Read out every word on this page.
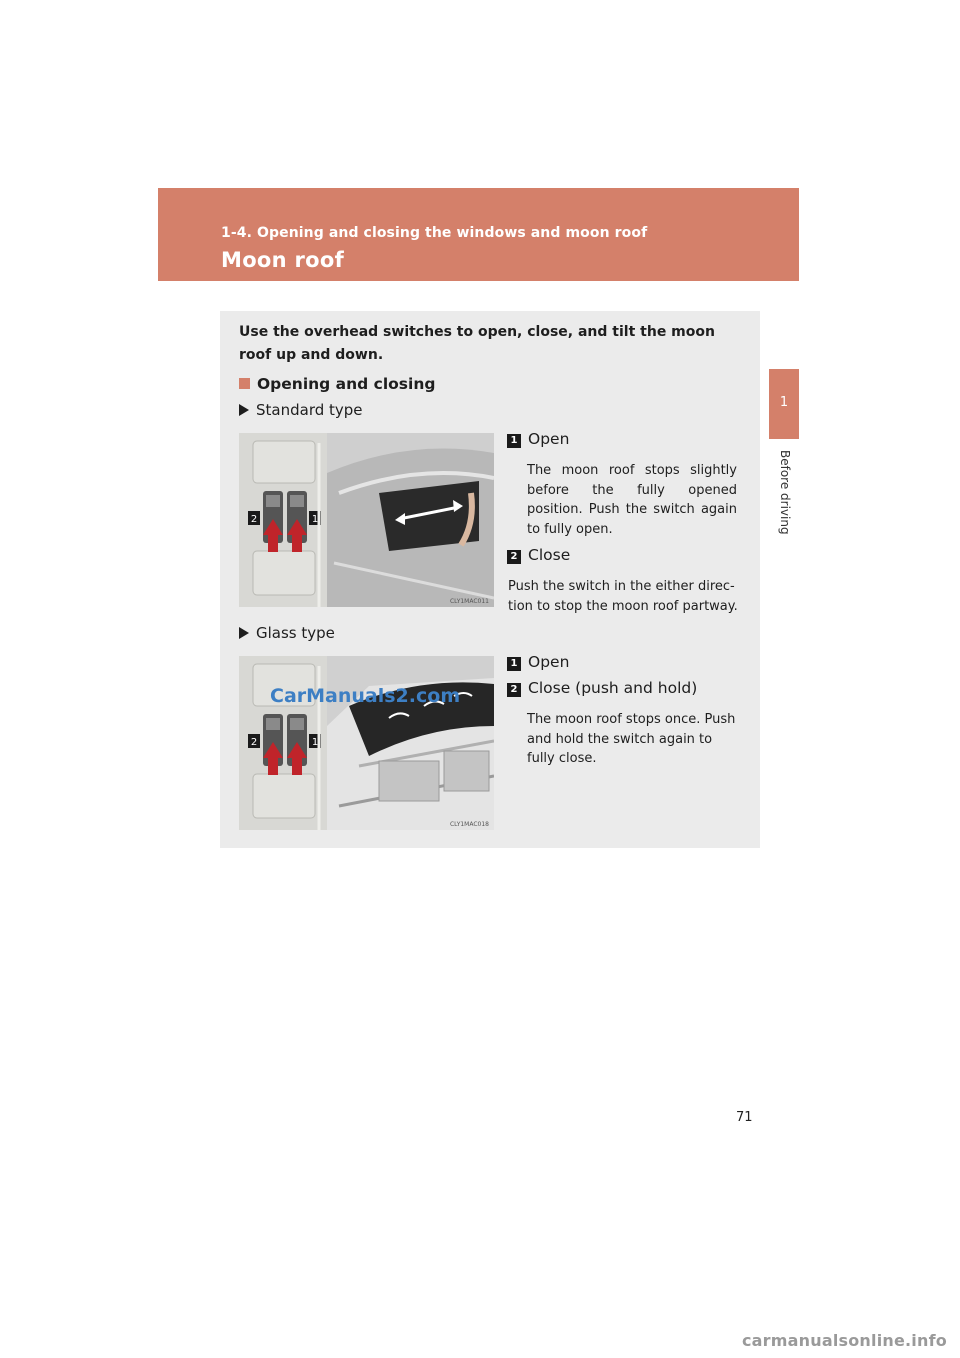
1-4. Opening and closing the windows and moon roof
Moon roof
1
Before driving
Use the overhead switches to open, close, and tilt the moon roof up and down.
Opening and closing
Standard type
2	1
CLY1MAC011
1 Open
The moon roof stops slightly before the fully opened position. Push the switch again to fully open.
2 Close
Push the switch in the either direc-tion to stop the moon roof partway.
Glass type
2	1
CLY1MAC018
1 Open
2 Close (push and hold)
The moon roof stops once. Push and hold the switch again to fully close.
CarManuals2.com
71
carmanualsonline.info
